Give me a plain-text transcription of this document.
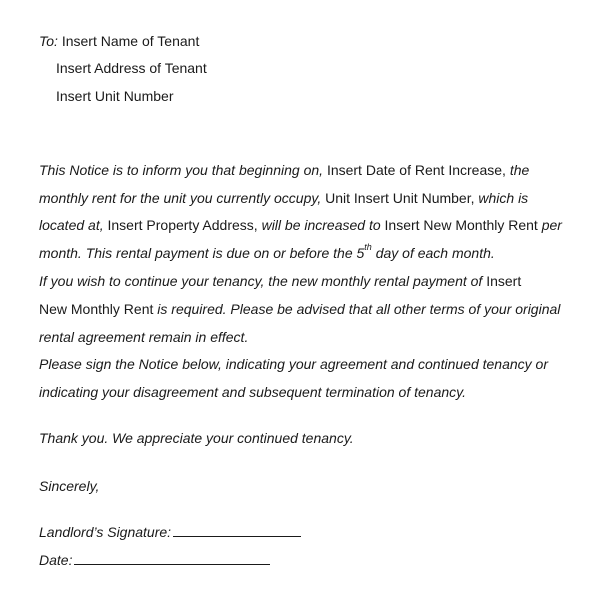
To: Insert Name of Tenant
Insert Address of Tenant
Insert Unit Number
This Notice is to inform you that beginning on, Insert Date of Rent Increase, the
monthly rent for the unit you currently occupy, Unit Insert Unit Number, which is
located at, Insert Property Address, will be increased to Insert New Monthly Rent per
month. This rental payment is due on or before the 5th day of each month.
If you wish to continue your tenancy, the new monthly rental payment of Insert
New Monthly Rent is required. Please be advised that all other terms of your original
rental agreement remain in effect.
Please sign the Notice below, indicating your agreement and continued tenancy or
indicating your disagreement and subsequent termination of tenancy.
Thank you. We appreciate your continued tenancy.
Sincerely,
Landlord’s Signature:
Date:
